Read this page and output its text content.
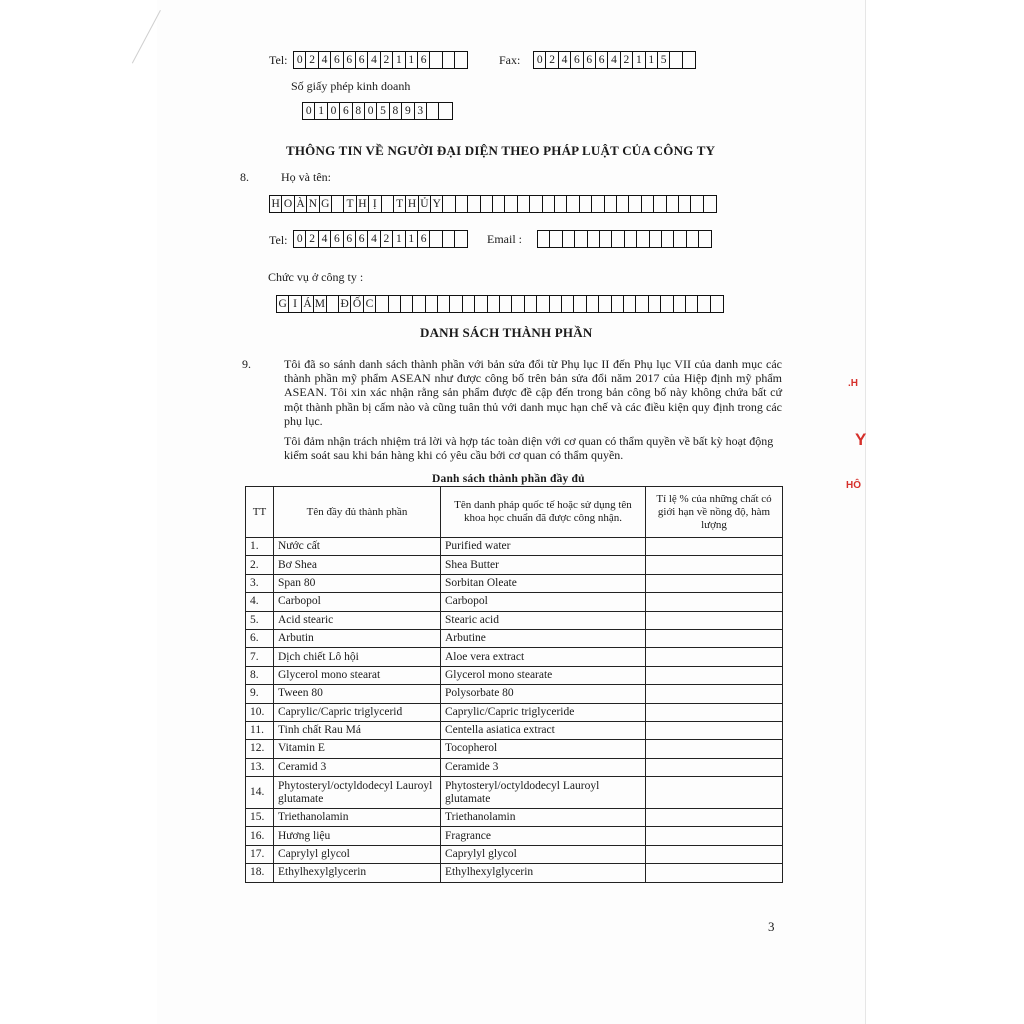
Tel: 0 2 4 6 6 6 4 2 1 1 6	Fax: 0 2 4 6 6 6 4 2 1 1 5
Số giấy phép kinh doanh
0 1 0 6 8 0 5 8 9 3
THÔNG TIN VỀ NGƯỜI ĐẠI DIỆN THEO PHÁP LUẬT CỦA CÔNG TY
8.	Họ và tên:
H O À N G T H Ị	T H Ủ Y
Tel: 0 2 4 6 6 6 4 2 1 1 6	Email :
Chức vụ ở công ty :
G I Á M Đ Ố C
DANH SÁCH THÀNH PHẦN
9.	Tôi đã so sánh danh sách thành phần với bản sửa đổi từ Phụ lục II đến Phụ lục VII của danh mục các thành phần mỹ phẩm ASEAN như được công bố trên bản sửa đổi năm 2017 của Hiệp định mỹ phẩm ASEAN. Tôi xin xác nhận rằng sản phẩm được đề cập đến trong bản công bố này không chứa bất cứ một thành phần bị cấm nào và cũng tuân thủ với danh mục hạn chế và các điều kiện quy định trong các phụ lục.

Tôi đảm nhận trách nhiệm trả lời và hợp tác toàn diện với cơ quan có thẩm quyền về bất kỳ hoạt động kiểm soát sau khi bán hàng khi có yêu cầu bởi cơ quan có thẩm quyền.

Danh sách thành phần đầy đủ
TT	Tên đầy đủ thành phần	Tên danh pháp quốc tế hoặc sử dụng tên khoa học chuẩn đã được công nhận.	Tỉ lệ % của những chất có giới hạn về nồng độ, hàm lượng
1.	Nước cất	Purified water	
2.	Bơ Shea	Shea Butter	
3.	Span 80	Sorbitan Oleate	
4.	Carbopol	Carbopol	
5.	Acid stearic	Stearic acid	
6.	Arbutin	Arbutine	
7.	Dịch chiết Lô hội	Aloe vera extract	
8.	Glycerol mono stearat	Glycerol mono stearate	
9.	Tween 80	Polysorbate 80	
10.	Caprylic/Capric triglycerid	Caprylic/Capric triglyceride	
11.	Tinh chất Rau Má	Centella asiatica extract	
12.	Vitamin E	Tocopherol	
13.	Ceramid 3	Ceramide 3	
14.	Phytosteryl/octyldodecyl Lauroyl glutamate	Phytosteryl/octyldodecyl Lauroyl glutamate	
15.	Triethanolamin	Triethanolamin	
16.	Hương liệu	Fragrance	
17.	Caprylyl glycol	Caprylyl glycol	
18.	Ethylhexylglycerin	Ethylhexylglycerin	
3
.H
Y
HÔ
